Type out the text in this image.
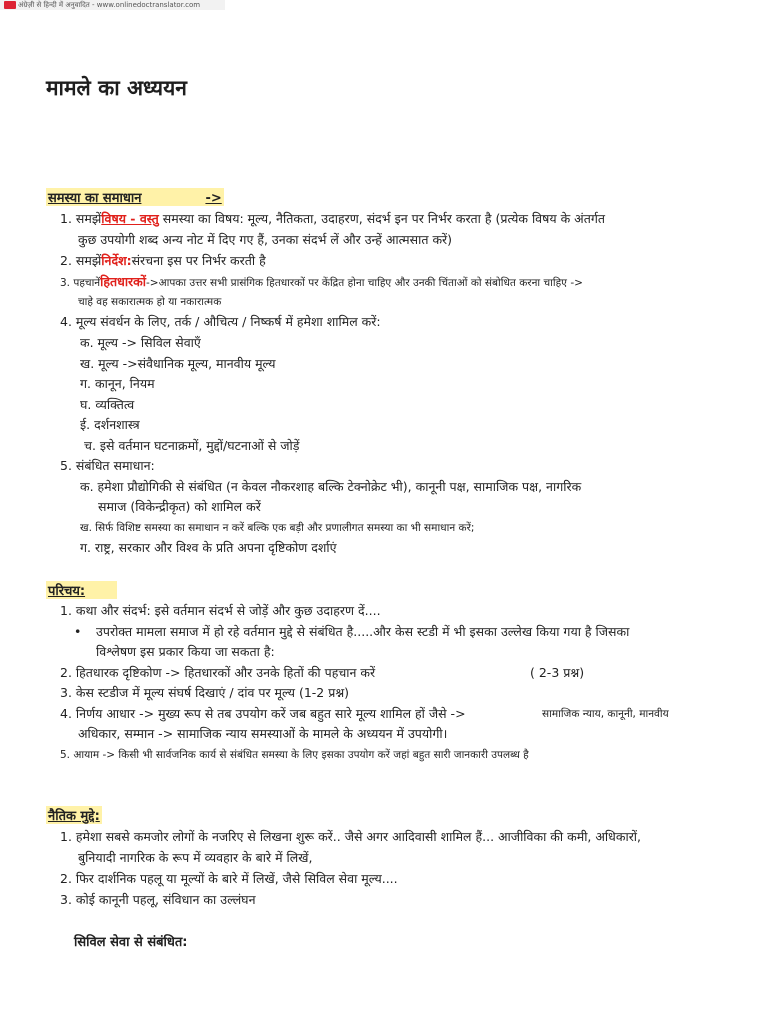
अंग्रेज़ी से हिन्दी में अनुवादित - www.onlinedoctranslator.com
मामले का अध्ययन
समस्या का समाधान	->
1. समझेंविषय - वस्तु समस्या का विषय: मूल्य, नैतिकता, उदाहरण, संदर्भ इन पर निर्भर करता है (प्रत्येक विषय के अंतर्गत
कुछ उपयोगी शब्द अन्य नोट में दिए गए हैं, उनका संदर्भ लें और उन्हें आत्मसात करें)
2. समझेंनिर्देश:संरचना इस पर निर्भर करती है
3. पहचानेंहितधारकों->आपका उत्तर सभी प्रासंगिक हितधारकों पर केंद्रित होना चाहिए और उनकी चिंताओं को संबोधित करना चाहिए ->
चाहे वह सकारात्मक हो या नकारात्मक
4. मूल्य संवर्धन के लिए, तर्क / औचित्य / निष्कर्ष में हमेशा शामिल करें:
क. मूल्य -> सिविल सेवाएँ
ख. मूल्य ->संवैधानिक मूल्य, मानवीय मूल्य
ग. कानून, नियम
घ. व्यक्तित्व
ई. दर्शनशास्त्र
च. इसे वर्तमान घटनाक्रमों, मुद्दों/घटनाओं से जोड़ें
5. संबंधित समाधान:
क. हमेशा प्रौद्योगिकी से संबंधित (न केवल नौकरशाह बल्कि टेक्नोक्रेट भी), कानूनी पक्ष, सामाजिक पक्ष, नागरिक
समाज (विकेन्द्रीकृत) को शामिल करें
ख. सिर्फ विशिष्ट समस्या का समाधान न करें बल्कि एक बड़ी और प्रणालीगत समस्या का भी समाधान करें;
ग. राष्ट्र, सरकार और विश्व के प्रति अपना दृष्टिकोण दर्शाएं
परिचय:
1. कथा और संदर्भ: इसे वर्तमान संदर्भ से जोड़ें और कुछ उदाहरण दें....
• उपरोक्त मामला समाज में हो रहे वर्तमान मुद्दे से संबंधित है.....और केस स्टडी में भी इसका उल्लेख किया गया है जिसका
विश्लेषण इस प्रकार किया जा सकता है:
2. हितधारक दृष्टिकोण -> हितधारकों और उनके हितों की पहचान करें	( 2-3 प्रश्न)
3. केस स्टडीज में मूल्य संघर्ष दिखाएं / दांव पर मूल्य (1-2 प्रश्न)
4. निर्णय आधार -> मुख्य रूप से तब उपयोग करें जब बहुत सारे मूल्य शामिल हों जैसे ->	सामाजिक न्याय, कानूनी, मानवीय
अधिकार, सम्मान -> सामाजिक न्याय समस्याओं के मामले के अध्ययन में उपयोगी।
5. आयाम -> किसी भी सार्वजनिक कार्य से संबंधित समस्या के लिए इसका उपयोग करें जहां बहुत सारी जानकारी उपलब्ध है
नैतिक मुद्दे:
1. हमेशा सबसे कमजोर लोगों के नजरिए से लिखना शुरू करें.. जैसे अगर आदिवासी शामिल हैं... आजीविका की कमी, अधिकारों,
बुनियादी नागरिक के रूप में व्यवहार के बारे में लिखें,
2. फिर दार्शनिक पहलू या मूल्यों के बारे में लिखें, जैसे सिविल सेवा मूल्य....
3. कोई कानूनी पहलू, संविधान का उल्लंघन
सिविल सेवा से संबंधित:
